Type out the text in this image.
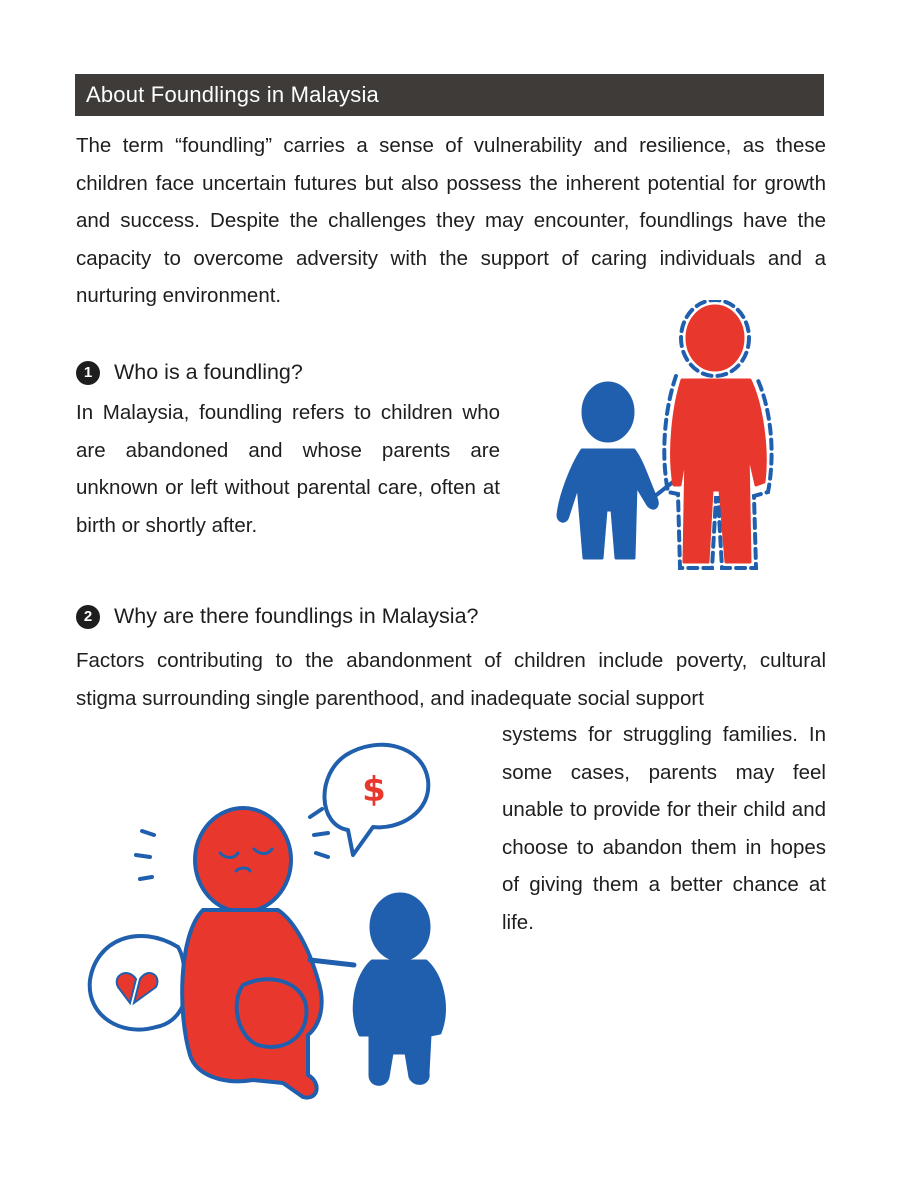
About Foundlings in Malaysia

The term “foundling” carries a sense of vulnerability and resilience, as these children face uncertain futures but also possess the inherent potential for growth and success. Despite the challenges they may encounter, foundlings have the capacity to overcome adversity with the support of caring individuals and a nurturing environment.

1	Who is a foundling?

In Malaysia, foundling refers to children who are abandoned and whose parents are unknown or left without parental care, often at birth or shortly after.

2	Why are there foundlings in Malaysia?

Factors contributing to the abandonment of children include poverty, cultural stigma surrounding single parenthood, and inadequate social support

systems for struggling families. In some cases, parents may feel unable to provide for their child and choose to abandon them in hopes of giving them a better chance at life.

$
